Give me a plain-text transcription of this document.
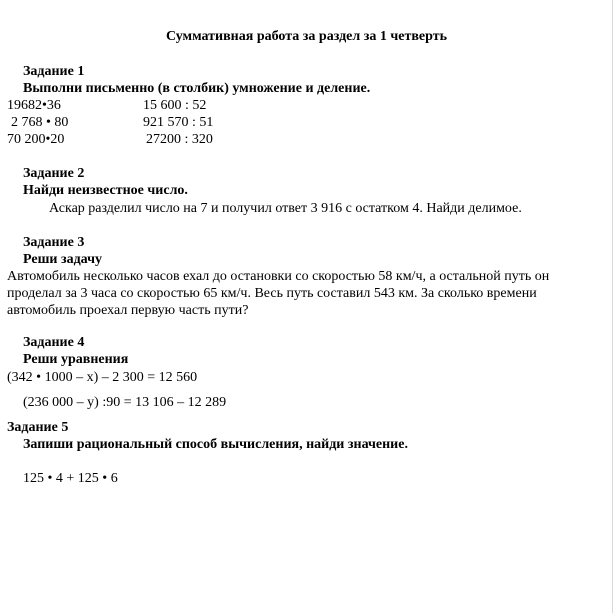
Суммативная работа за раздел за 1 четверть
Задание 1
Выполни письменно (в столбик) умножение и деление.
19682•36	15 600 : 52
2 768 • 80	921 570 : 51
70 200•20	27200 : 320
Задание 2
Найди неизвестное число.
Аскар разделил число на 7 и получил ответ 3 916 с остатком 4. Найди делимое.
Задание 3
Реши задачу
Автомобиль несколько часов ехал до остановки со скоростью 58 км/ч, а остальной путь он
проделал за 3 часа со скоростью 65 км/ч. Весь путь составил 543 км. За сколько времени
автомобиль проехал первую часть пути?
Задание 4
Реши уравнения
(342 • 1000 – х) – 2 300 = 12 560
(236 000 – у) :90 = 13 106 – 12 289
Задание 5
Запиши рациональный способ вычисления, найди значение.
125 • 4 + 125 • 6
